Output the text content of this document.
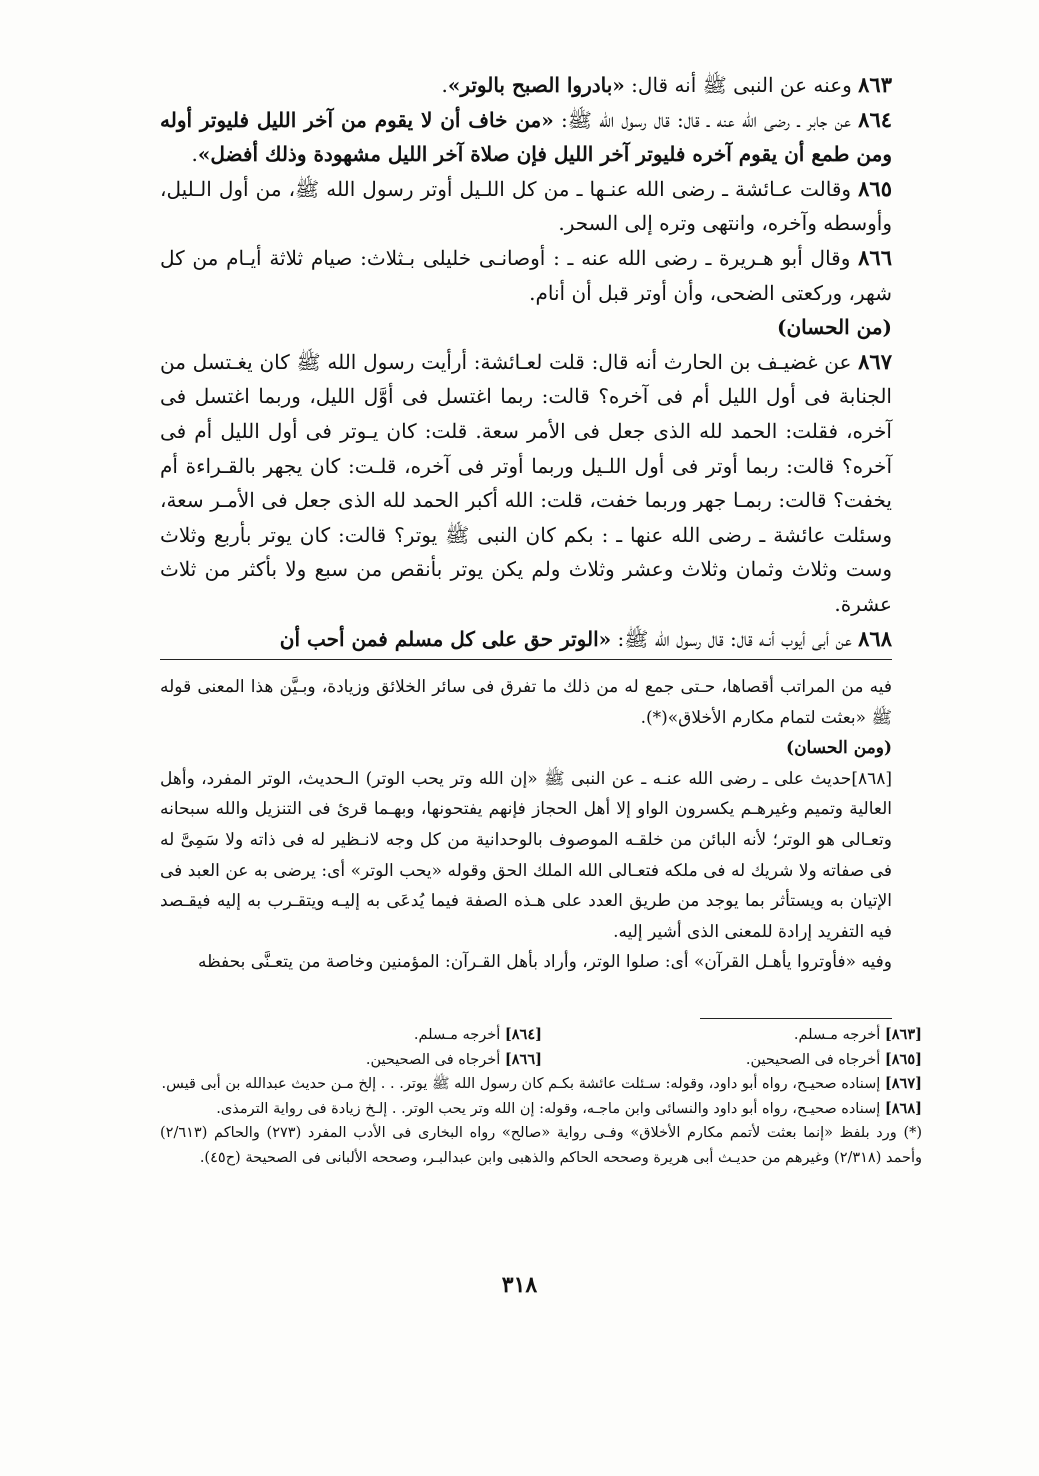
٨٦٣ وعنه عن النبى ﷺ أنه قال: «بادروا الصبح بالوتر».

٨٦٤ عن جابر ـ رضى الله عنه ـ قال: قال رسول الله ﷺ: «من خاف أن لا يقوم من آخر الليل فليوتر أوله ومن طمع أن يقوم آخره فليوتر آخر الليل فإن صلاة آخر الليل مشهودة وذلك أفضل».

٨٦٥ وقالت عـائشة ـ رضى الله عنـها ـ من كل اللـيل أوتر رسول الله ﷺ، من أول الـليل، وأوسطه وآخره، وانتهى وتره إلى السحر.

٨٦٦ وقال أبو هـريرة ـ رضى الله عنه ـ : أوصانـى خليلى بـثلاث: صيام ثلاثة أيـام من كل شهر، وركعتى الضحى، وأن أوتر قبل أن أنام.

(من الحسان)

٨٦٧ عن غضيـف بن الحارث أنه قال: قلت لعـائشة: أرأيت رسول الله ﷺ كان يغـتسل من الجنابة فى أول الليل أم فى آخره؟ قالت: ربما اغتسل فى أوَّل الليل، وربما اغتسل فى آخره، فقلت: الحمد لله الذى جعل فى الأمر سعة. قلت: كان يـوتر فى أول الليل أم فى آخره؟ قالت: ربما أوتر فى أول اللـيل وربما أوتر فى آخره، قلـت: كان يجهر بالقـراءة أم يخفت؟ قالت: ربمـا جهر وربما خفت، قلت: الله أكبر الحمد لله الذى جعل فى الأمـر سعة، وسئلت عائشة ـ رضى الله عنها ـ : بكم كان النبى ﷺ يوتر؟ قالت: كان يوتر بأربع وثلاث وست وثلاث وثمان وثلاث وعشر وثلاث ولم يكن يوتر بأنقص من سبع ولا بأكثر من ثلاث عشرة.

٨٦٨ عن أبى أيوب أنـه قال: قال رسول الله ﷺ: «الوتر حق على كل مسلم فمن أحب أن

فيه من المراتب أقصاها، حـتى جمع له من ذلك ما تفرق فى سائر الخلائق وزيادة، وبـيَّن هذا المعنى قوله ﷺ «بعثت لتمام مكارم الأخلاق»(*).

(ومن الحسان)

[٨٦٨]حديث على ـ رضى الله عنـه ـ عن النبى ﷺ «إن الله وتر يحب الوتر) الـحديث، الوتر المفرد، وأهل العالية وتميم وغيرهـم يكسرون الواو إلا أهل الحجاز فإنهم يفتحونها، وبهـما قرئ فى التنزيل والله سبحانه وتعـالى هو الوتر؛ لأنه البائن من خلقـه الموصوف بالوحدانية من كل وجه لانـظير له فى ذاته ولا سَمِىَّ له فى صفاته ولا شريك له فى ملكه فتعـالى الله الملك الحق وقوله «يحب الوتر» أى: يرضى به عن العبد فى الإتيان به ويستأثر بما يوجد من طريق العدد على هـذه الصفة فيما يُدعَى به إليـه ويتقـرب به إليه فيقـصد فيه التفريد إرادة للمعنى الذى أشير إليه.

وفيه «فأوتروا يأهـل القرآن» أى: صلوا الوتر، وأراد بأهل القـرآن: المؤمنين وخاصة من يتعـنَّى بحفظه

[٨٦٣] أخرجه مـسلم.
[٨٦٤] أخرجه مـسلم.
[٨٦٥] أخرجاه فى الصحيحين.
[٨٦٦] أخرجاه فى الصحيحين.

[٨٦٧] إسناده صحيـح، رواه أبو داود، وقوله: سـئلت عائشة بكـم كان رسول الله ﷺ يوتر. . . إلخ مـن حديث عبدالله بن أبى قيس.

[٨٦٨] إسناده صحيـح، رواه أبو داود والنسائى وابن ماجـه، وقوله: إن الله وتر يحب الوتر. . إلـخ زيادة فى رواية الترمذى.

(*) ورد بلفظ «إنما بعثت لأتمم مكارم الأخلاق» وفـى رواية «صالح» رواه البخارى فى الأدب المفرد (٢٧٣) والحاكم (٢/٦١٣) وأحمد (٢/٣١٨) وغيرهم من حديـث أبى هريرة وصححه الحاكم والذهبى وابن عبدالبـر، وصححه الألبانى فى الصحيحة (ح٤٥).

٣١٨
